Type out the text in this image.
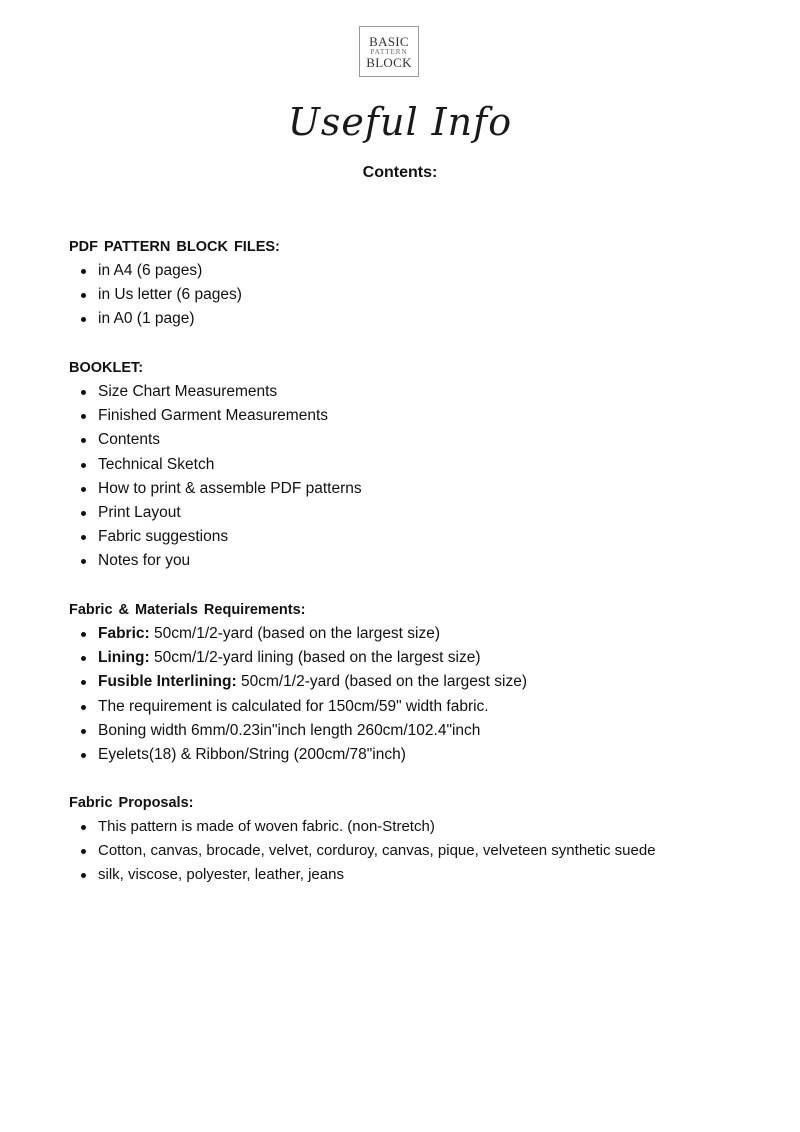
BASIC
PATTERN
BLOCK
Useful Info
Contents:
PDF PATTERN BLOCK FILES:
in A4 (6 pages)
in Us letter (6 pages)
in A0 (1 page)
BOOKLET:
Size Chart Measurements
Finished Garment Measurements
Contents
Technical Sketch
How to print & assemble PDF patterns
Print Layout
Fabric suggestions
Notes for you
Fabric & Materials Requirements:
Fabric: 50cm/1/2-yard (based on the largest size)
Lining: 50cm/1/2-yard lining (based on the largest size)
Fusible Interlining: 50cm/1/2-yard (based on the largest size)
The requirement is calculated for 150cm/59" width fabric.
Boning width 6mm/0.23in"inch length 260cm/102.4"inch
Eyelets(18) & Ribbon/String (200cm/78"inch)
Fabric Proposals:
This pattern is made of woven fabric. (non-Stretch)
Cotton, canvas, brocade, velvet, corduroy, canvas, pique, velveteen synthetic suede
silk, viscose, polyester, leather, jeans
